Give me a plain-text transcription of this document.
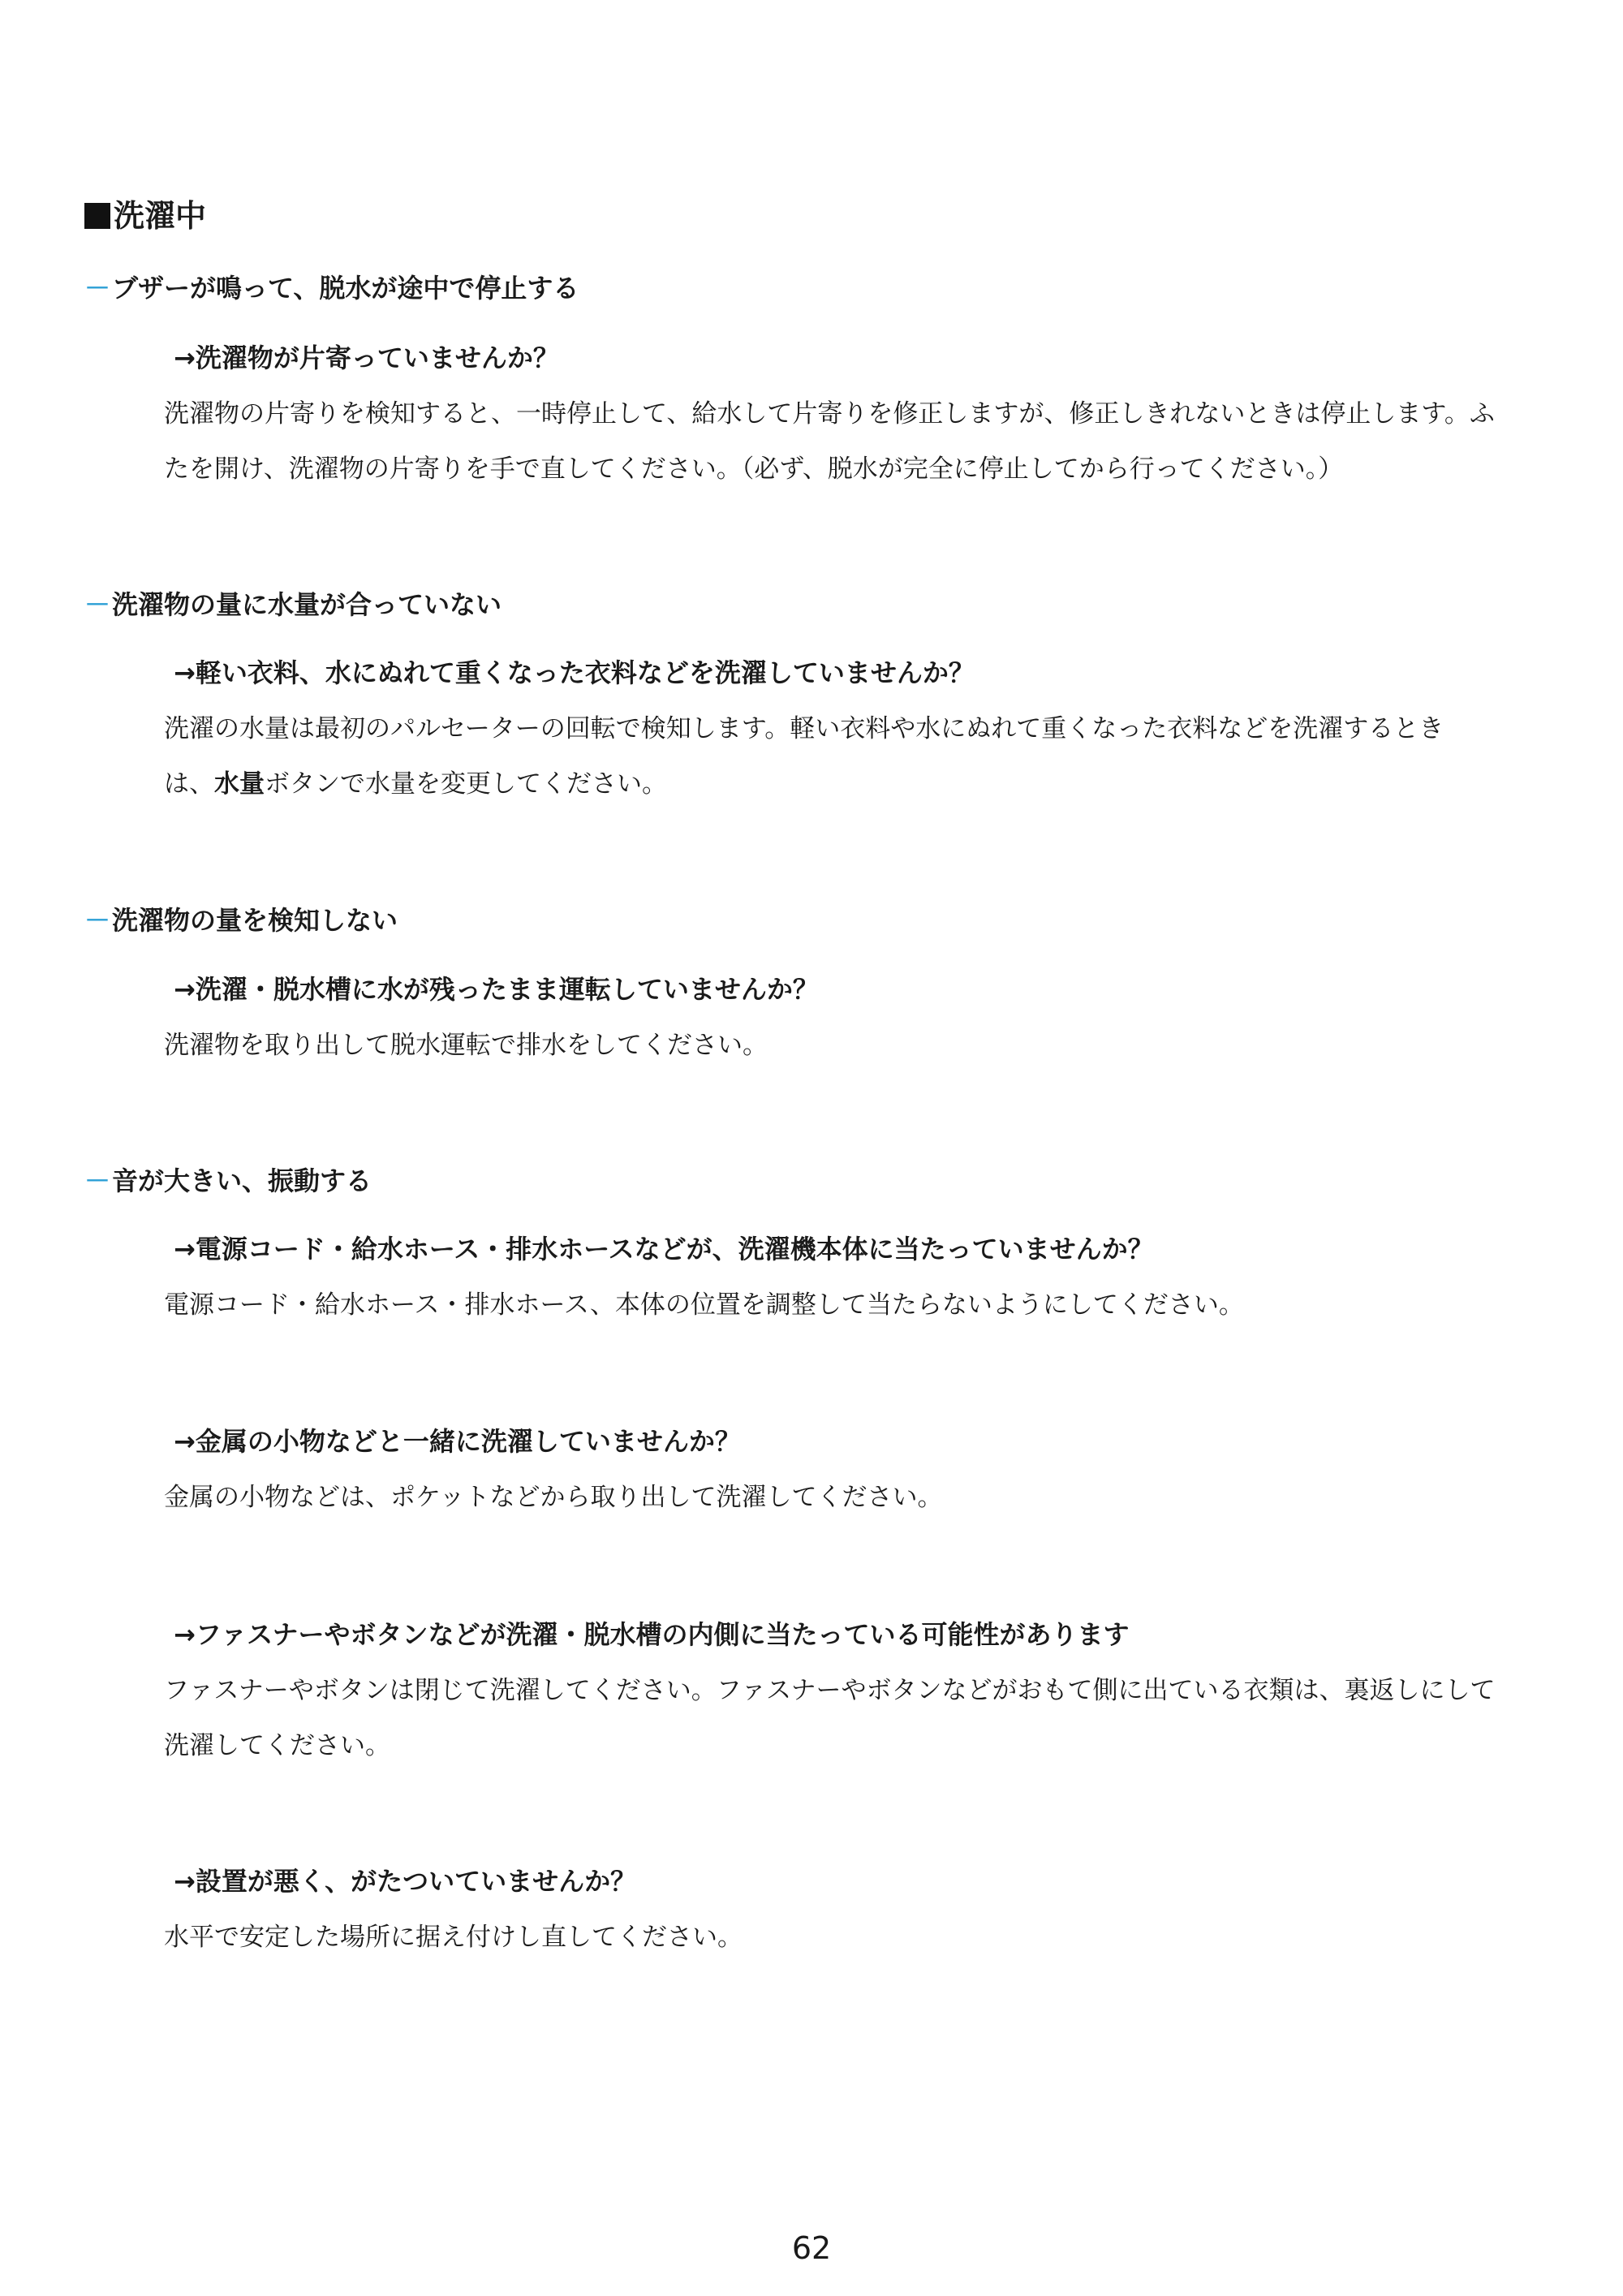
洗濯中
－ブザーが鳴って、脱水が途中で停止する
→洗濯物が片寄っていませんか？
洗濯物の片寄りを検知すると、一時停止して、給水して片寄りを修正しますが、修正しきれないときは停止します。ふ
たを開け、洗濯物の片寄りを手で直してください。（必ず、脱水が完全に停止してから行ってください。）
－洗濯物の量に水量が合っていない
→軽い衣料、水にぬれて重くなった衣料などを洗濯していませんか？
洗濯の水量は最初のパルセーターの回転で検知します。軽い衣料や水にぬれて重くなった衣料などを洗濯するとき
は、水量ボタンで水量を変更してください。
－洗濯物の量を検知しない
→洗濯・脱水槽に水が残ったまま運転していませんか？
洗濯物を取り出して脱水運転で排水をしてください。
－音が大きい、振動する
→電源コード・給水ホース・排水ホースなどが、洗濯機本体に当たっていませんか？
電源コード・給水ホース・排水ホース、本体の位置を調整して当たらないようにしてください。
→金属の小物などと一緒に洗濯していませんか？
金属の小物などは、ポケットなどから取り出して洗濯してください。
→ファスナーやボタンなどが洗濯・脱水槽の内側に当たっている可能性があります
ファスナーやボタンは閉じて洗濯してください。ファスナーやボタンなどがおもて側に出ている衣類は、裏返しにして
洗濯してください。
→設置が悪く、がたついていませんか？
水平で安定した場所に据え付けし直してください。
62
